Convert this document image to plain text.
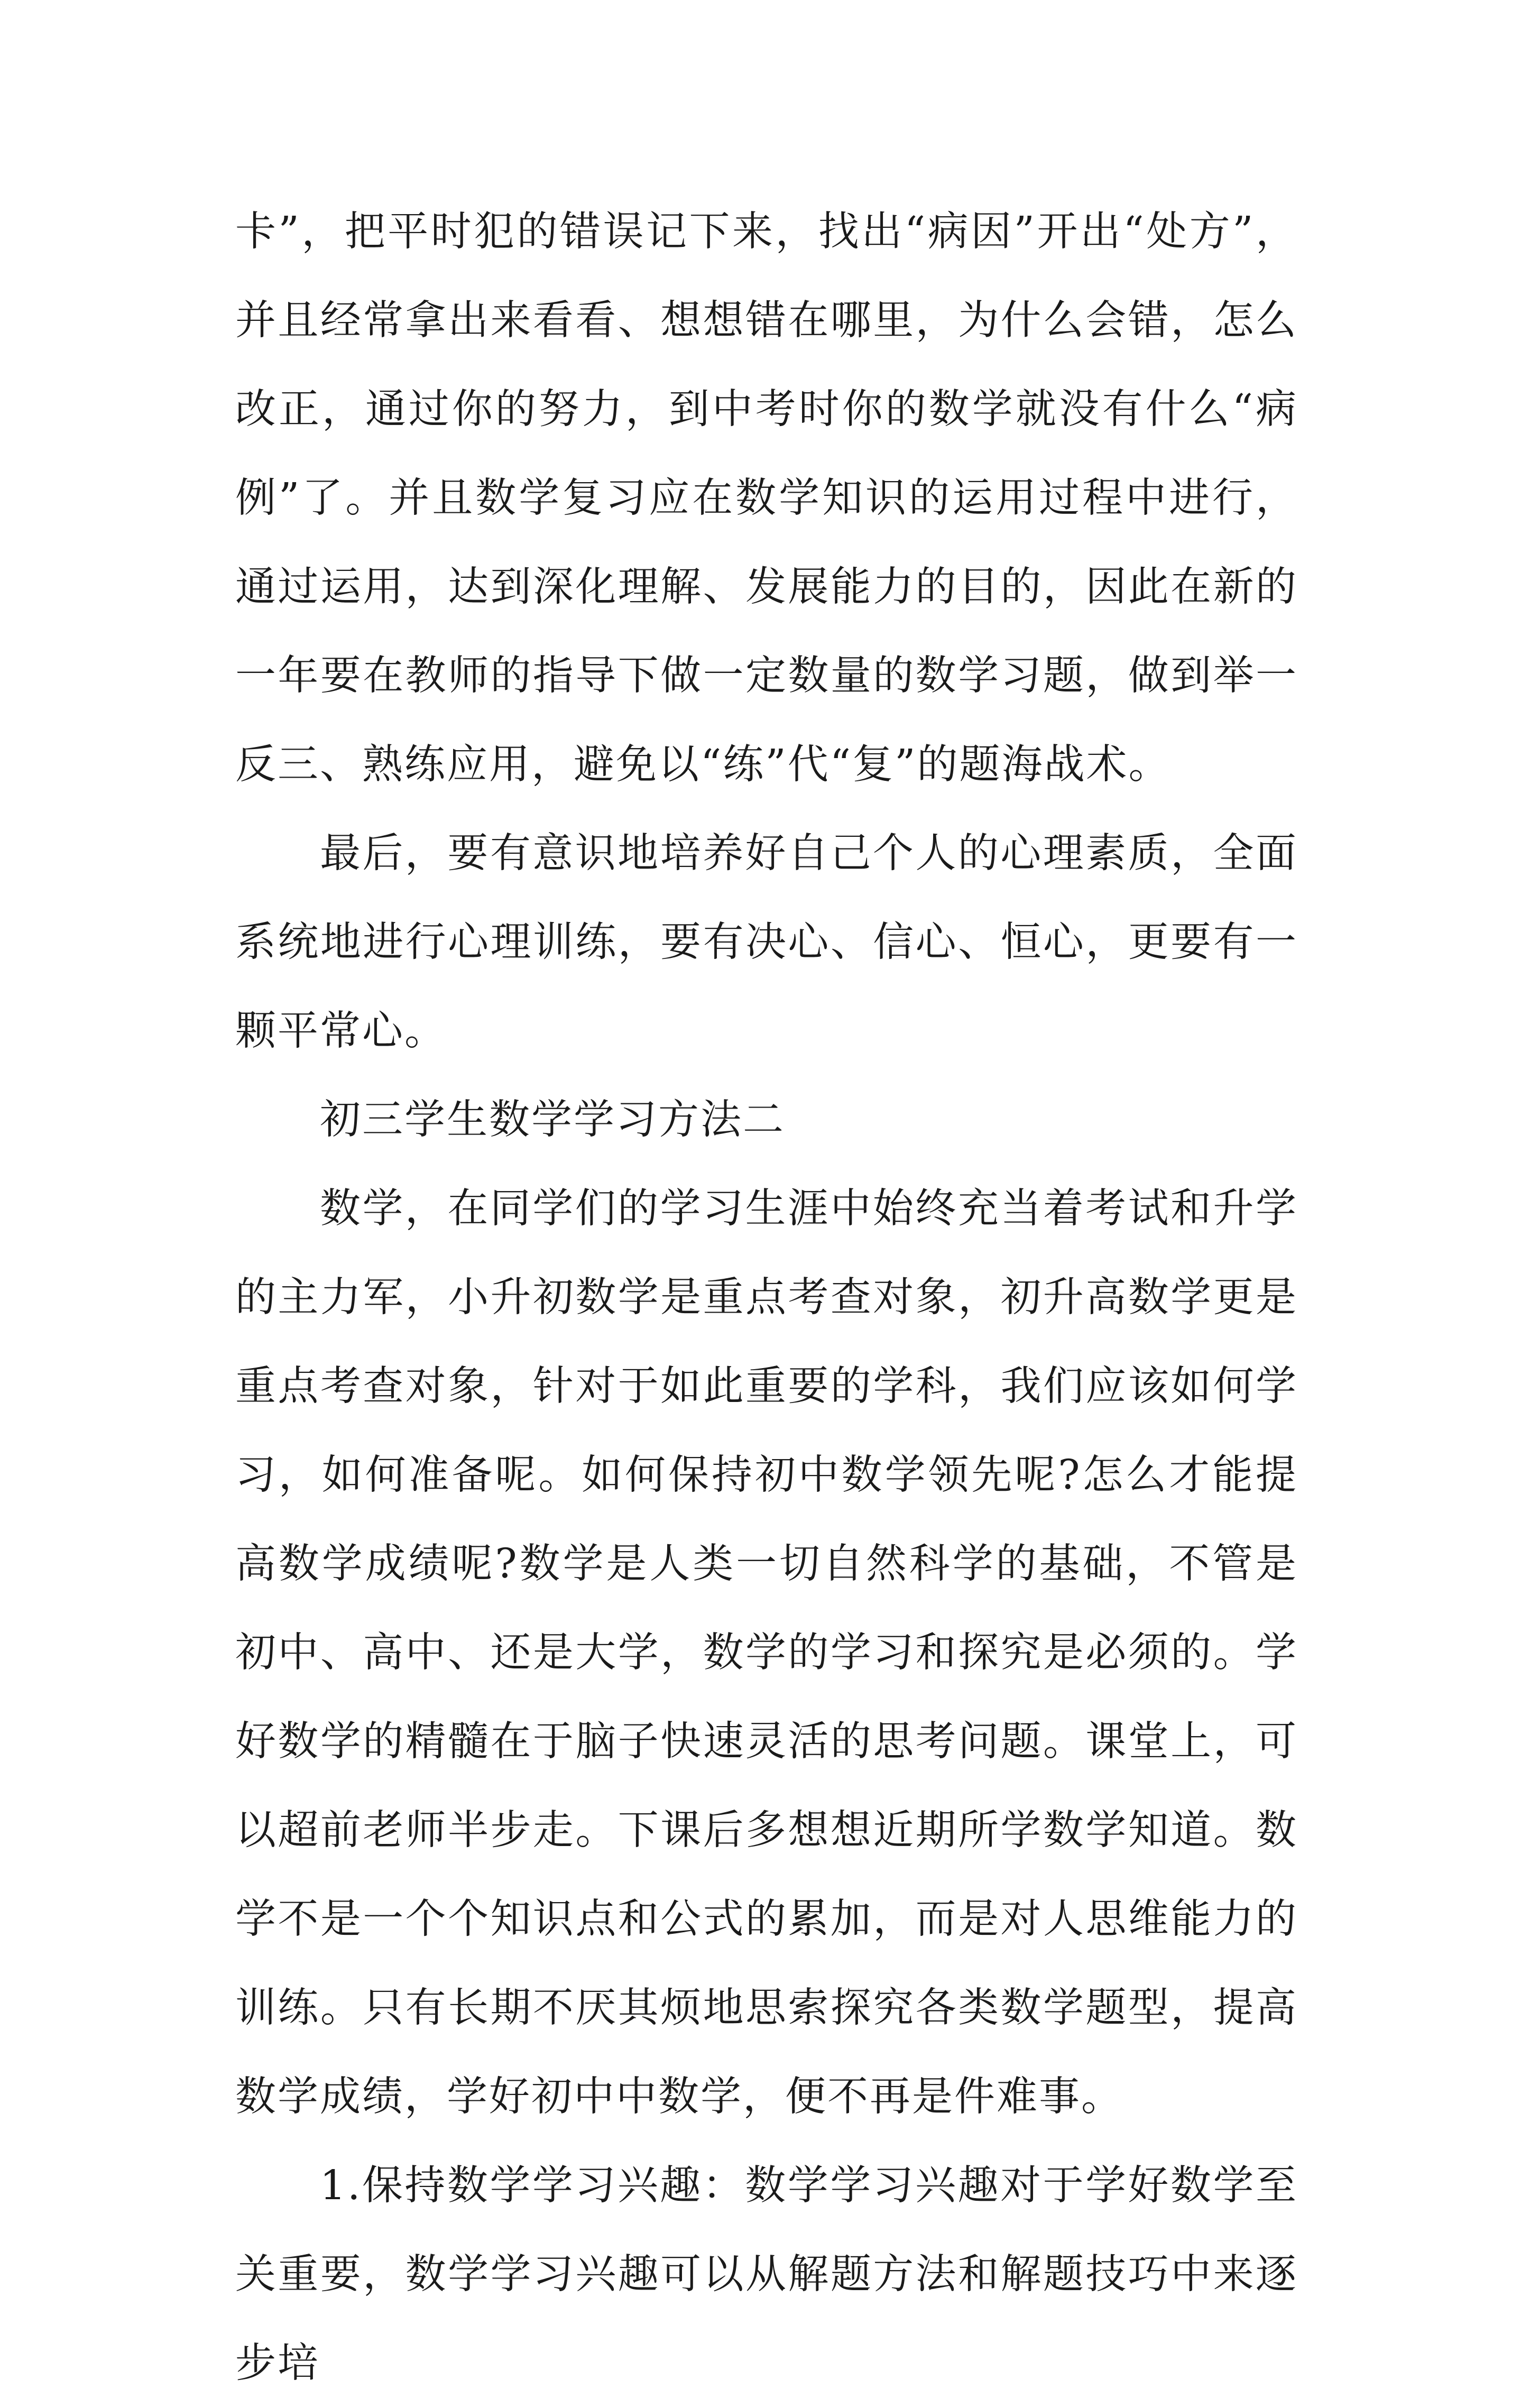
卡”，把平时犯的错误记下来，找出“病因”开出“处方”，并且经常拿出来看看、想想错在哪里，为什么会错，怎么改正，通过你的努力，到中考时你的数学就没有什么“病例”了。并且数学复习应在数学知识的运用过程中进行，通过运用，达到深化理解、发展能力的目的，因此在新的一年要在教师的指导下做一定数量的数学习题，做到举一反三、熟练应用，避免以“练”代“复”的题海战术。

最后，要有意识地培养好自己个人的心理素质，全面系统地进行心理训练，要有决心、信心、恒心，更要有一颗平常心。

初三学生数学学习方法二

数学，在同学们的学习生涯中始终充当着考试和升学的主力军，小升初数学是重点考查对象，初升高数学更是重点考查对象，针对于如此重要的学科，我们应该如何学习，如何准备呢。如何保持初中数学领先呢?怎么才能提高数学成绩呢?数学是人类一切自然科学的基础，不管是初中、高中、还是大学，数学的学习和探究是必须的。学好数学的精髓在于脑子快速灵活的思考问题。课堂上，可以超前老师半步走。下课后多想想近期所学数学知道。数学不是一个个知识点和公式的累加，而是对人思维能力的训练。只有长期不厌其烦地思索探究各类数学题型，提高数学成绩，学好初中中数学，便不再是件难事。

1.保持数学学习兴趣：数学学习兴趣对于学好数学至关重要，数学学习兴趣可以从解题方法和解题技巧中来逐步培
